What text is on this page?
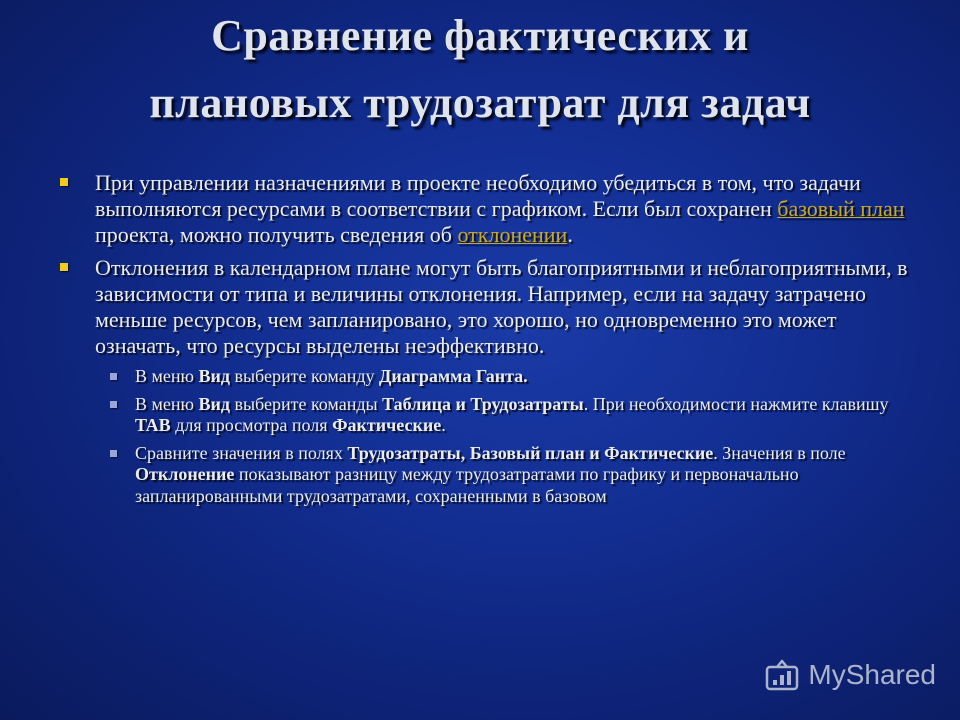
Сравнение фактических и
плановых трудозатрат для задач
При управлении назначениями в проекте необходимо убедиться в том, что задачи выполняются ресурсами в соответствии с графиком. Если был сохранен базовый план проекта, можно получить сведения об отклонении.
Отклонения в календарном плане могут быть благоприятными и неблагоприятными, в зависимости от типа и величины отклонения. Например, если на задачу затрачено меньше ресурсов, чем запланировано, это хорошо, но одновременно это может означать, что ресурсы выделены неэффективно.
В меню Вид выберите команду Диаграмма Ганта.
В меню Вид выберите команды Таблица и Трудозатраты. При необходимости нажмите клавишу TAB для просмотра поля Фактические.
Сравните значения в полях Трудозатраты, Базовый план и Фактические. Значения в поле Отклонение показывают разницу между трудозатратами по графику и первоначально запланированными трудозатратами, сохраненными в базовом
MyShared
